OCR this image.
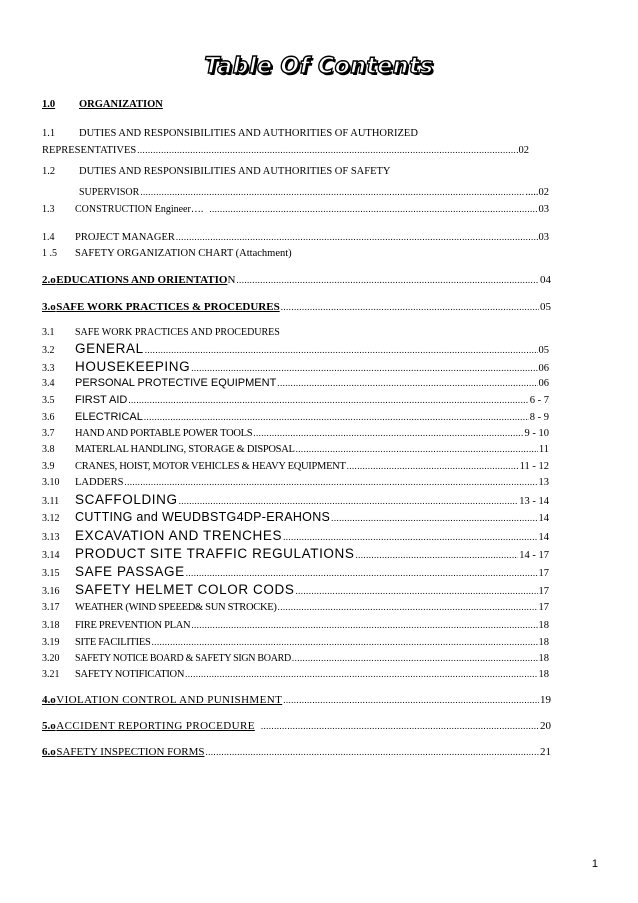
Table Of Contents
1.0	ORGANIZATION
1.1 DUTIES AND RESPONSIBILITIES AND AUTHORITIES OF AUTHORIZED
REPRESENTATIVES .....	02
1.2 DUTIES AND RESPONSIBILITIES AND AUTHORITIES OF SAFETY
SUPERVISOR .....	.....02
1.3	CONSTRUCTION Engineer…. .....	03
1.4	PROJECT MANAGER .....	03
1 .5	SAFETY ORGANIZATION CHART (Attachment)
2.o EDUCATIONS AND ORIENTATIO N .....	04
3.o SAFE WORK PRACTICES & PROCEDURES .....	05
3.1	SAFE WORK PRACTICES AND PROCEDURES
3.2	GENERAL .....	05
3.3	HOUSEKEEPING .....	06
3.4	PERSONAL PROTECTIVE EQUIPMENT .....	06
3.5	FIRST AID .....	6 - 7
3.6	ELECTRICAL .....	8 - 9
3.7	HAND AND PORTABLE POWER TOOLS .....	9 - 10
3.8	MATERLAL HANDLING, STORAGE & DISPOSAL .....	11
3.9	CRANES, HOIST, MOTOR VEHICLES & HEAVY EQUIPMENT .....	11 - 12
3.10	LADDERS .....	13
3.11	SCAFFOLDING .....	13 - 14
3.12	CUTTING and WEUDBSTG4DP-ERAHONS .....	14
3.13	EXCAVATION AND TRENCHES .....	14
3.14	PRODUCT SITE TRAFFIC REGULATIONS .....	14 - 17
3.15	SAFE PASSAGE .....	17
3.16	SAFETY HELMET COLOR CODS .....	17
3.17	WEATHER (WIND SPEEED& SUN STROCKE) .....	17
3.18	FIRE PREVENTION PLAN .....	18
3.19	SITE FACILITIES .....	18
3.20	SAFETY NOTICE BOARD & SAFETY SIGN BOARD .....	18
3.21	SAFETY NOTIFICATION .....	18
4.o VIOLATION CONTROL AND PUNISHMENT .....	19
5.o ACCIDENT REPORTING PROCEDURE .....	20
6.o SAFETY INSPECTION FORMS .....	21
1
